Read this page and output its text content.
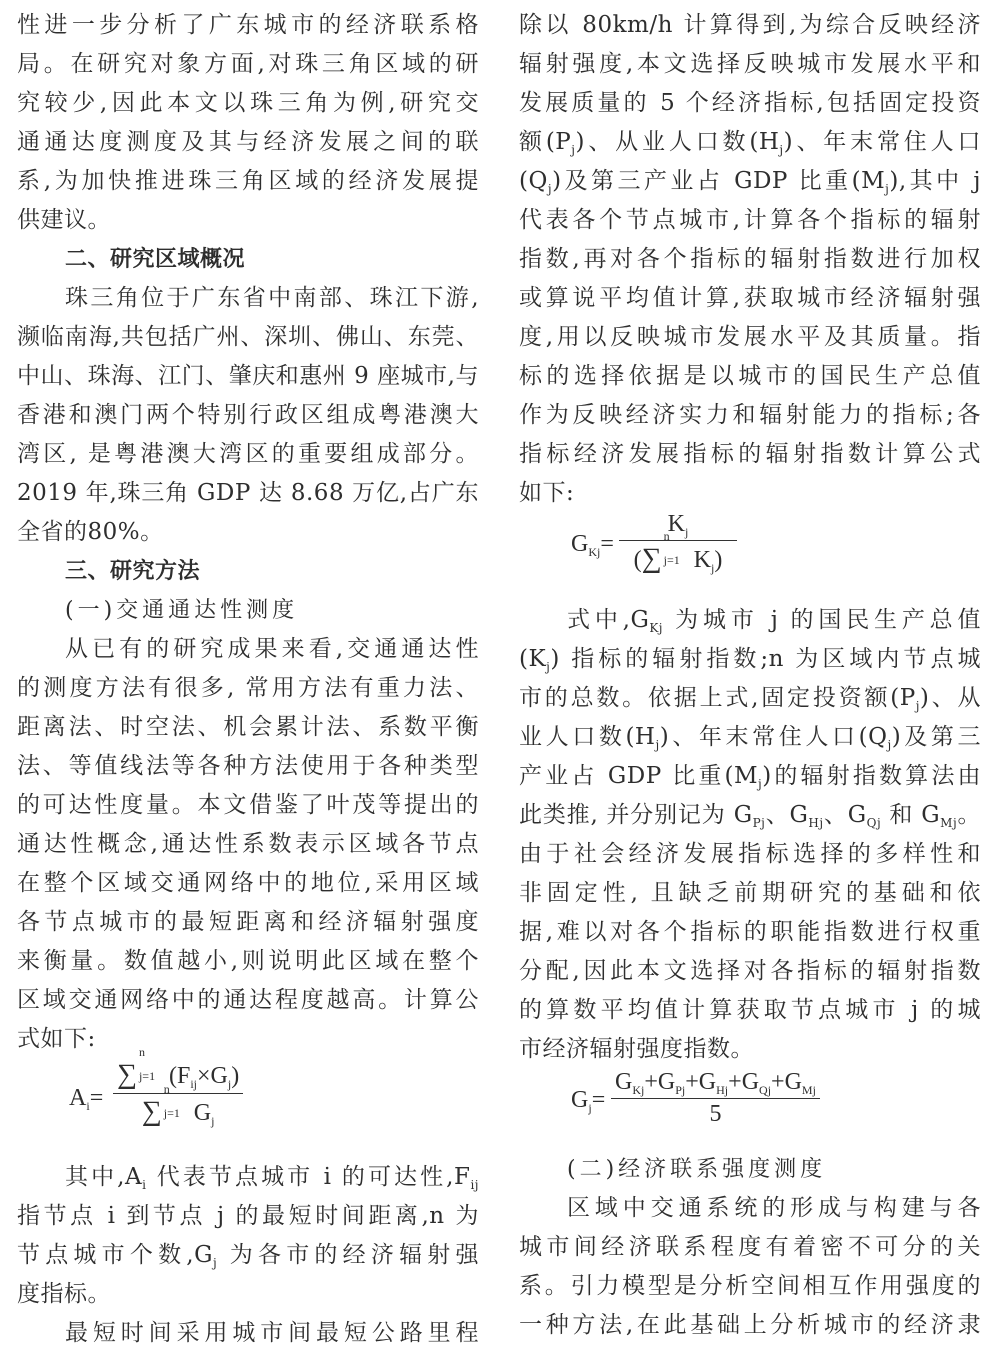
性进一步分析了广东城市的经济联系格
局。在研究对象方面,对珠三角区域的研
究较少,因此本文以珠三角为例,研究交
通通达度测度及其与经济发展之间的联
系,为加快推进珠三角区域的经济发展提
供建议。
二、研究区域概况
珠三角位于广东省中南部、珠江下游,
濒临南海,共包括广州、深圳、佛山、东莞、
中山、珠海、江门、肇庆和惠州 9 座城市,与
香港和澳门两个特别行政区组成粤港澳大
湾区, 是粤港澳大湾区的重要组成部分。
2019 年,珠三角 GDP 达 8.68 万亿,占广东
全省的80%。
三、研究方法
(一)交通通达性测度
从已有的研究成果来看,交通通达性
的测度方法有很多, 常用方法有重力法、
距离法、时空法、机会累计法、系数平衡
法、等值线法等各种方法使用于各种类型
的可达性度量。本文借鉴了叶茂等提出的
通达性概念,通达性系数表示区域各节点
在整个区域交通网络中的地位,采用区域
各节点城市的最短距离和经济辐射强度
来衡量。数值越小,则说明此区域在整个
区域交通网络中的通达程度越高。计算公
式如下:
$A_i=$
∑
n
j=1 $(F_{ij}\times G_j)$
∑
n
j=1 $G_j$
其中$,A_i$ 代表节点城市 i 的可达性$,F_{ij}$
指节点 i 到节点 j 的最短时间距离,n 为
节点城市个数$,G_j$ 为各市的经济辐射强
度指标。
最短时间采用城市间最短公路里程
除以 80km/h 计算得到,为综合反映经济
辐射强度,本文选择反映城市发展水平和
发展质量的 5 个经济指标,包括固定投资
额$(P_j)$、从业人口数$(H_j)$、年末常住人口
$(Q_j)$及第三产业占 GDP 比重$(M_j)$,其中 j
代表各个节点城市,计算各个指标的辐射
指数,再对各个指标的辐射指数进行加权
或算说平均值计算,获取城市经济辐射强
度,用以反映城市发展水平及其质量。指
标的选择依据是以城市的国民生产总值
作为反映经济实力和辐射能力的指标;各
指标经济发展指标的辐射指数计算公式
如下:
$G_{Kj}= K_j$
(∑
n
j=1 $K_j$)
式中$,G_{Kj}$ 为城市 j 的国民生产总值
$(K_j)$ 指标的辐射指数;n 为区域内节点城
市的总数。依据上式,固定投资额$(P_j)$、从
业人口数$(H_j)$、年末常住人口$(Q_j)$及第三
产业占 GDP 比重$(M_j)$的辐射指数算法由
此类推, 并分别记为 $G_{Pj}$、$G_{Hj}$、$G_{Qj}$ 和 $G_{Mj}$。
由于社会经济发展指标选择的多样性和
非固定性, 且缺乏前期研究的基础和依
据,难以对各个指标的职能指数进行权重
分配,因此本文选择对各指标的辐射指数
的算数平均值计算获取节点城市 j 的城
市经济辐射强度指数。
$G_j=$
$G_{Kj}+G_{Pj}+G_{Hj}+G_{Qj}+G_{Mj}$
5
(二)经济联系强度测度
区域中交通系统的形成与构建与各
城市间经济联系程度有着密不可分的关
系。引力模型是分析空间相互作用强度的
一种方法,在此基础上分析城市的经济隶
